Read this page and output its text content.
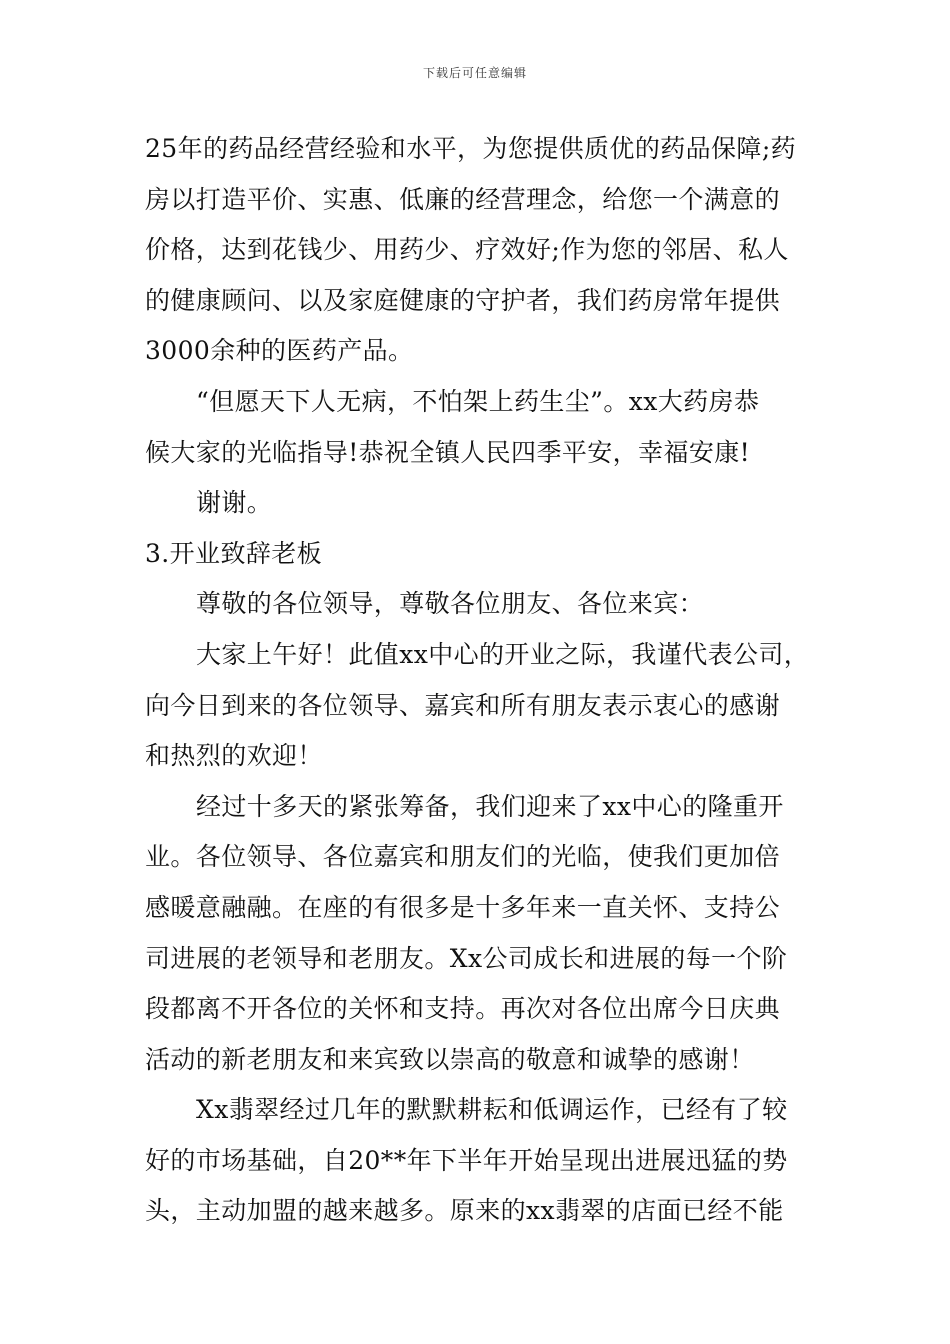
下载后可任意编辑
25年的药品经营经验和水平，为您提供质优的药品保障;药
房以打造平价、实惠、低廉的经营理念，给您一个满意的
价格，达到花钱少、用药少、疗效好;作为您的邻居、私人
的健康顾问、以及家庭健康的守护者，我们药房常年提供
3000余种的医药产品。
“但愿天下人无病，不怕架上药生尘”。xx大药房恭
候大家的光临指导!恭祝全镇人民四季平安，幸福安康!
谢谢。
3.开业致辞老板
尊敬的各位领导，尊敬各位朋友、各位来宾：
大家上午好！此值xx中心的开业之际，我谨代表公司，
向今日到来的各位领导、嘉宾和所有朋友表示衷心的感谢
和热烈的欢迎！
经过十多天的紧张筹备，我们迎来了xx中心的隆重开
业。各位领导、各位嘉宾和朋友们的光临，使我们更加倍
感暖意融融。在座的有很多是十多年来一直关怀、支持公
司进展的老领导和老朋友。Xx公司成长和进展的每一个阶
段都离不开各位的关怀和支持。再次对各位出席今日庆典
活动的新老朋友和来宾致以崇高的敬意和诚挚的感谢！
Xx翡翠经过几年的默默耕耘和低调运作，已经有了较
好的市场基础，自20**年下半年开始呈现出进展迅猛的势
头，主动加盟的越来越多。原来的xx翡翠的店面已经不能
